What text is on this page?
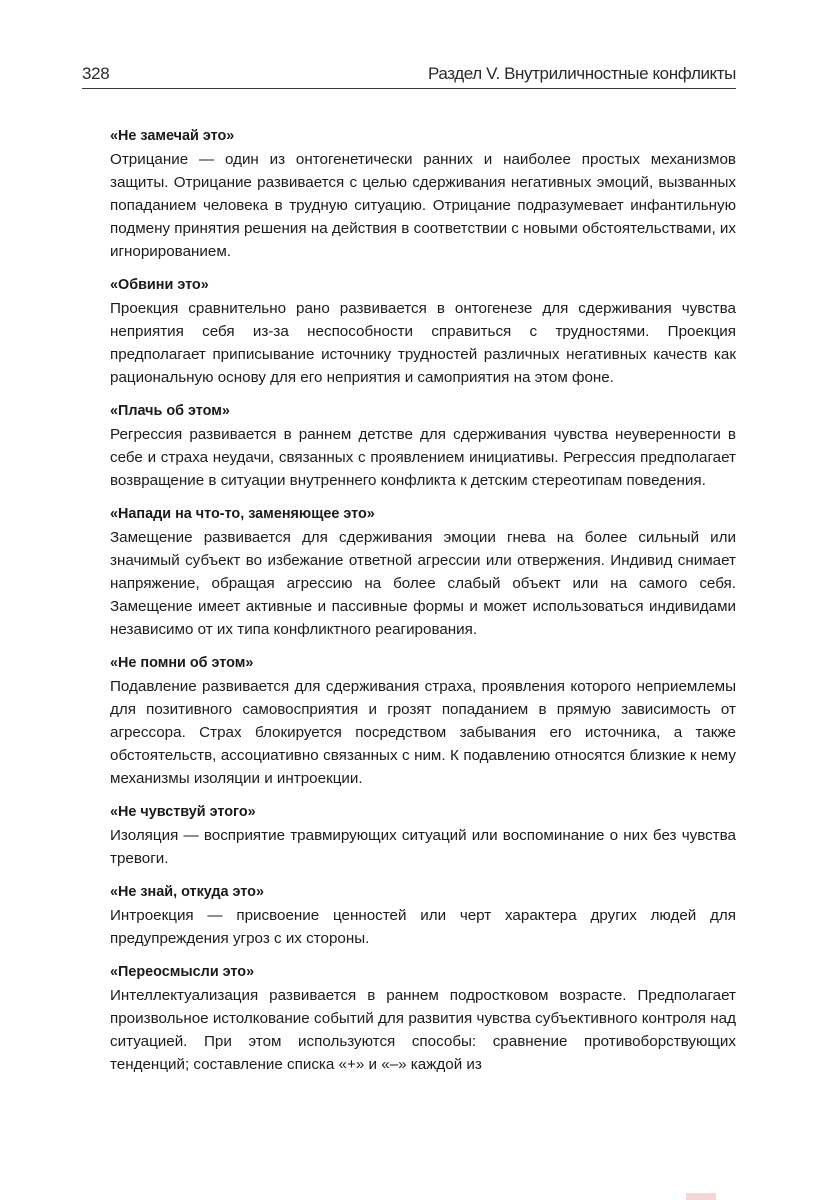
328	Раздел V. Внутриличностные конфликты

«Не замечай это»

Отрицание — один из онтогенетически ранних и наиболее простых механизмов защиты. Отрицание развивается с целью сдерживания негативных эмоций, вызванных попаданием человека в трудную ситуацию. Отрицание подразумевает инфантильную подмену принятия решения на действия в соответствии с новыми обстоятельствами, их игнорированием.

«Обвини это»

Проекция сравнительно рано развивается в онтогенезе для сдерживания чувства неприятия себя из-за неспособности справиться с трудностями. Проекция предполагает приписывание источнику трудностей различных негативных качеств как рациональную основу для его неприятия и самоприятия на этом фоне.

«Плачь об этом»

Регрессия развивается в раннем детстве для сдерживания чувства неуверенности в себе и страха неудачи, связанных с проявлением инициативы. Регрессия предполагает возвращение в ситуации внутреннего конфликта к детским стереотипам поведения.

«Напади на что-то, заменяющее это»

Замещение развивается для сдерживания эмоции гнева на более сильный или значимый субъект во избежание ответной агрессии или отвержения. Индивид снимает напряжение, обращая агрессию на более слабый объект или на самого себя. Замещение имеет активные и пассивные формы и может использоваться индивидами независимо от их типа конфликтного реагирования.

«Не помни об этом»

Подавление развивается для сдерживания страха, проявления которого неприемлемы для позитивного самовосприятия и грозят попаданием в прямую зависимость от агрессора. Страх блокируется посредством забывания его источника, а также обстоятельств, ассоциативно связанных с ним. К подавлению относятся близкие к нему механизмы изоляции и интроекции.

«Не чувствуй этого»

Изоляция — восприятие травмирующих ситуаций или воспоминание о них без чувства тревоги.

«Не знай, откуда это»

Интроекция — присвоение ценностей или черт характера других людей для предупреждения угроз с их стороны.

«Переосмысли это»

Интеллектуализация развивается в раннем подростковом возрасте. Предполагает произвольное истолкование событий для развития чувства субъективного контроля над ситуацией. При этом используются способы: сравнение противоборствующих тенденций; составление списка «+» и «–» каждой из
